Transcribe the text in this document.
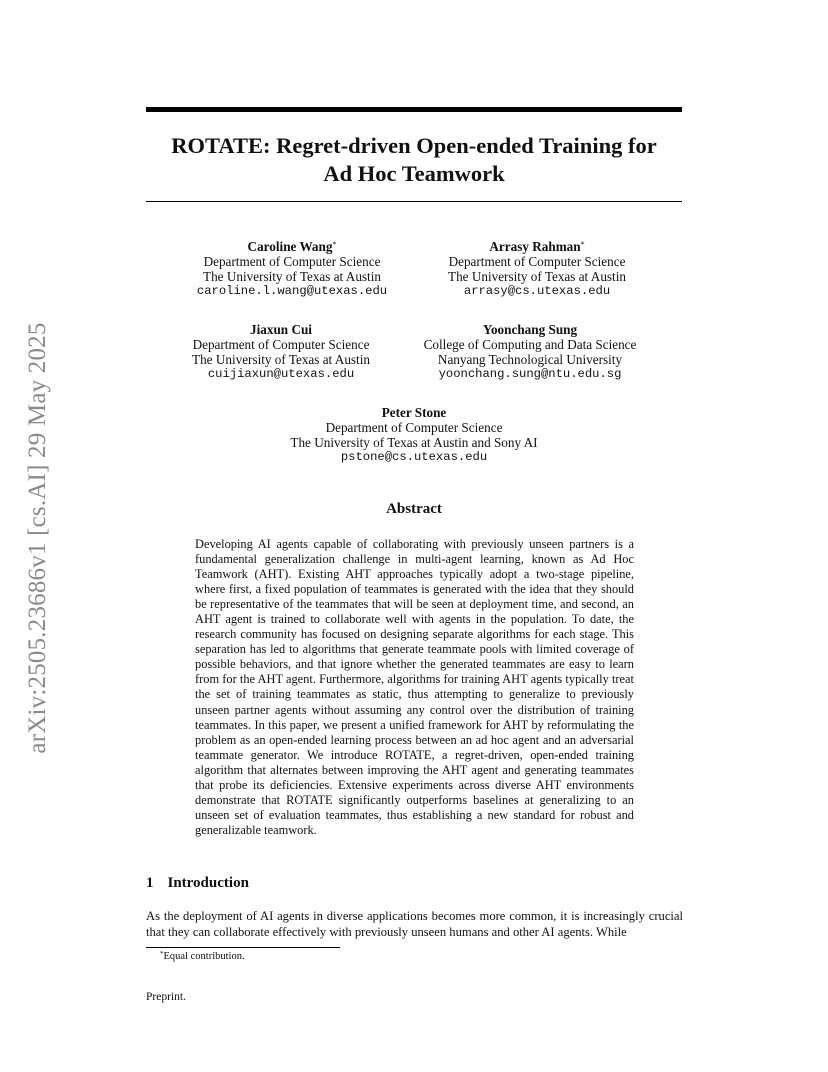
arXiv:2505.23686v1 [cs.AI] 29 May 2025
ROTATE: Regret-driven Open-ended Training for
Ad Hoc Teamwork
Caroline Wang*
Department of Computer Science
The University of Texas at Austin
caroline.l.wang@utexas.edu
Arrasy Rahman*
Department of Computer Science
The University of Texas at Austin
arrasy@cs.utexas.edu
Jiaxun Cui
Department of Computer Science
The University of Texas at Austin
cuijiaxun@utexas.edu
Yoonchang Sung
College of Computing and Data Science
Nanyang Technological University
yoonchang.sung@ntu.edu.sg
Peter Stone
Department of Computer Science
The University of Texas at Austin and Sony AI
pstone@cs.utexas.edu
Abstract

Developing AI agents capable of collaborating with previously unseen partners is a fundamental generalization challenge in multi-agent learning, known as Ad Hoc Teamwork (AHT). Existing AHT approaches typically adopt a two-stage pipeline, where first, a fixed population of teammates is generated with the idea that they should be representative of the teammates that will be seen at deployment time, and second, an AHT agent is trained to collaborate well with agents in the population. To date, the research community has focused on designing separate algorithms for each stage. This separation has led to algorithms that generate teammate pools with limited coverage of possible behaviors, and that ignore whether the generated teammates are easy to learn from for the AHT agent. Furthermore, algorithms for training AHT agents typically treat the set of training teammates as static, thus attempting to generalize to previously unseen partner agents without assuming any control over the distribution of training teammates. In this paper, we present a unified framework for AHT by reformulating the problem as an open-ended learning process between an ad hoc agent and an adversarial teammate generator. We introduce ROTATE, a regret-driven, open-ended training algorithm that alternates between improving the AHT agent and generating teammates that probe its deficiencies. Extensive experiments across diverse AHT environments demonstrate that ROTATE significantly outperforms baselines at generalizing to an unseen set of evaluation teammates, thus establishing a new standard for robust and generalizable teamwork.

1 Introduction

As the deployment of AI agents in diverse applications becomes more common, it is increasingly crucial that they can collaborate effectively with previously unseen humans and other AI agents. While

*Equal contribution.
Preprint.
